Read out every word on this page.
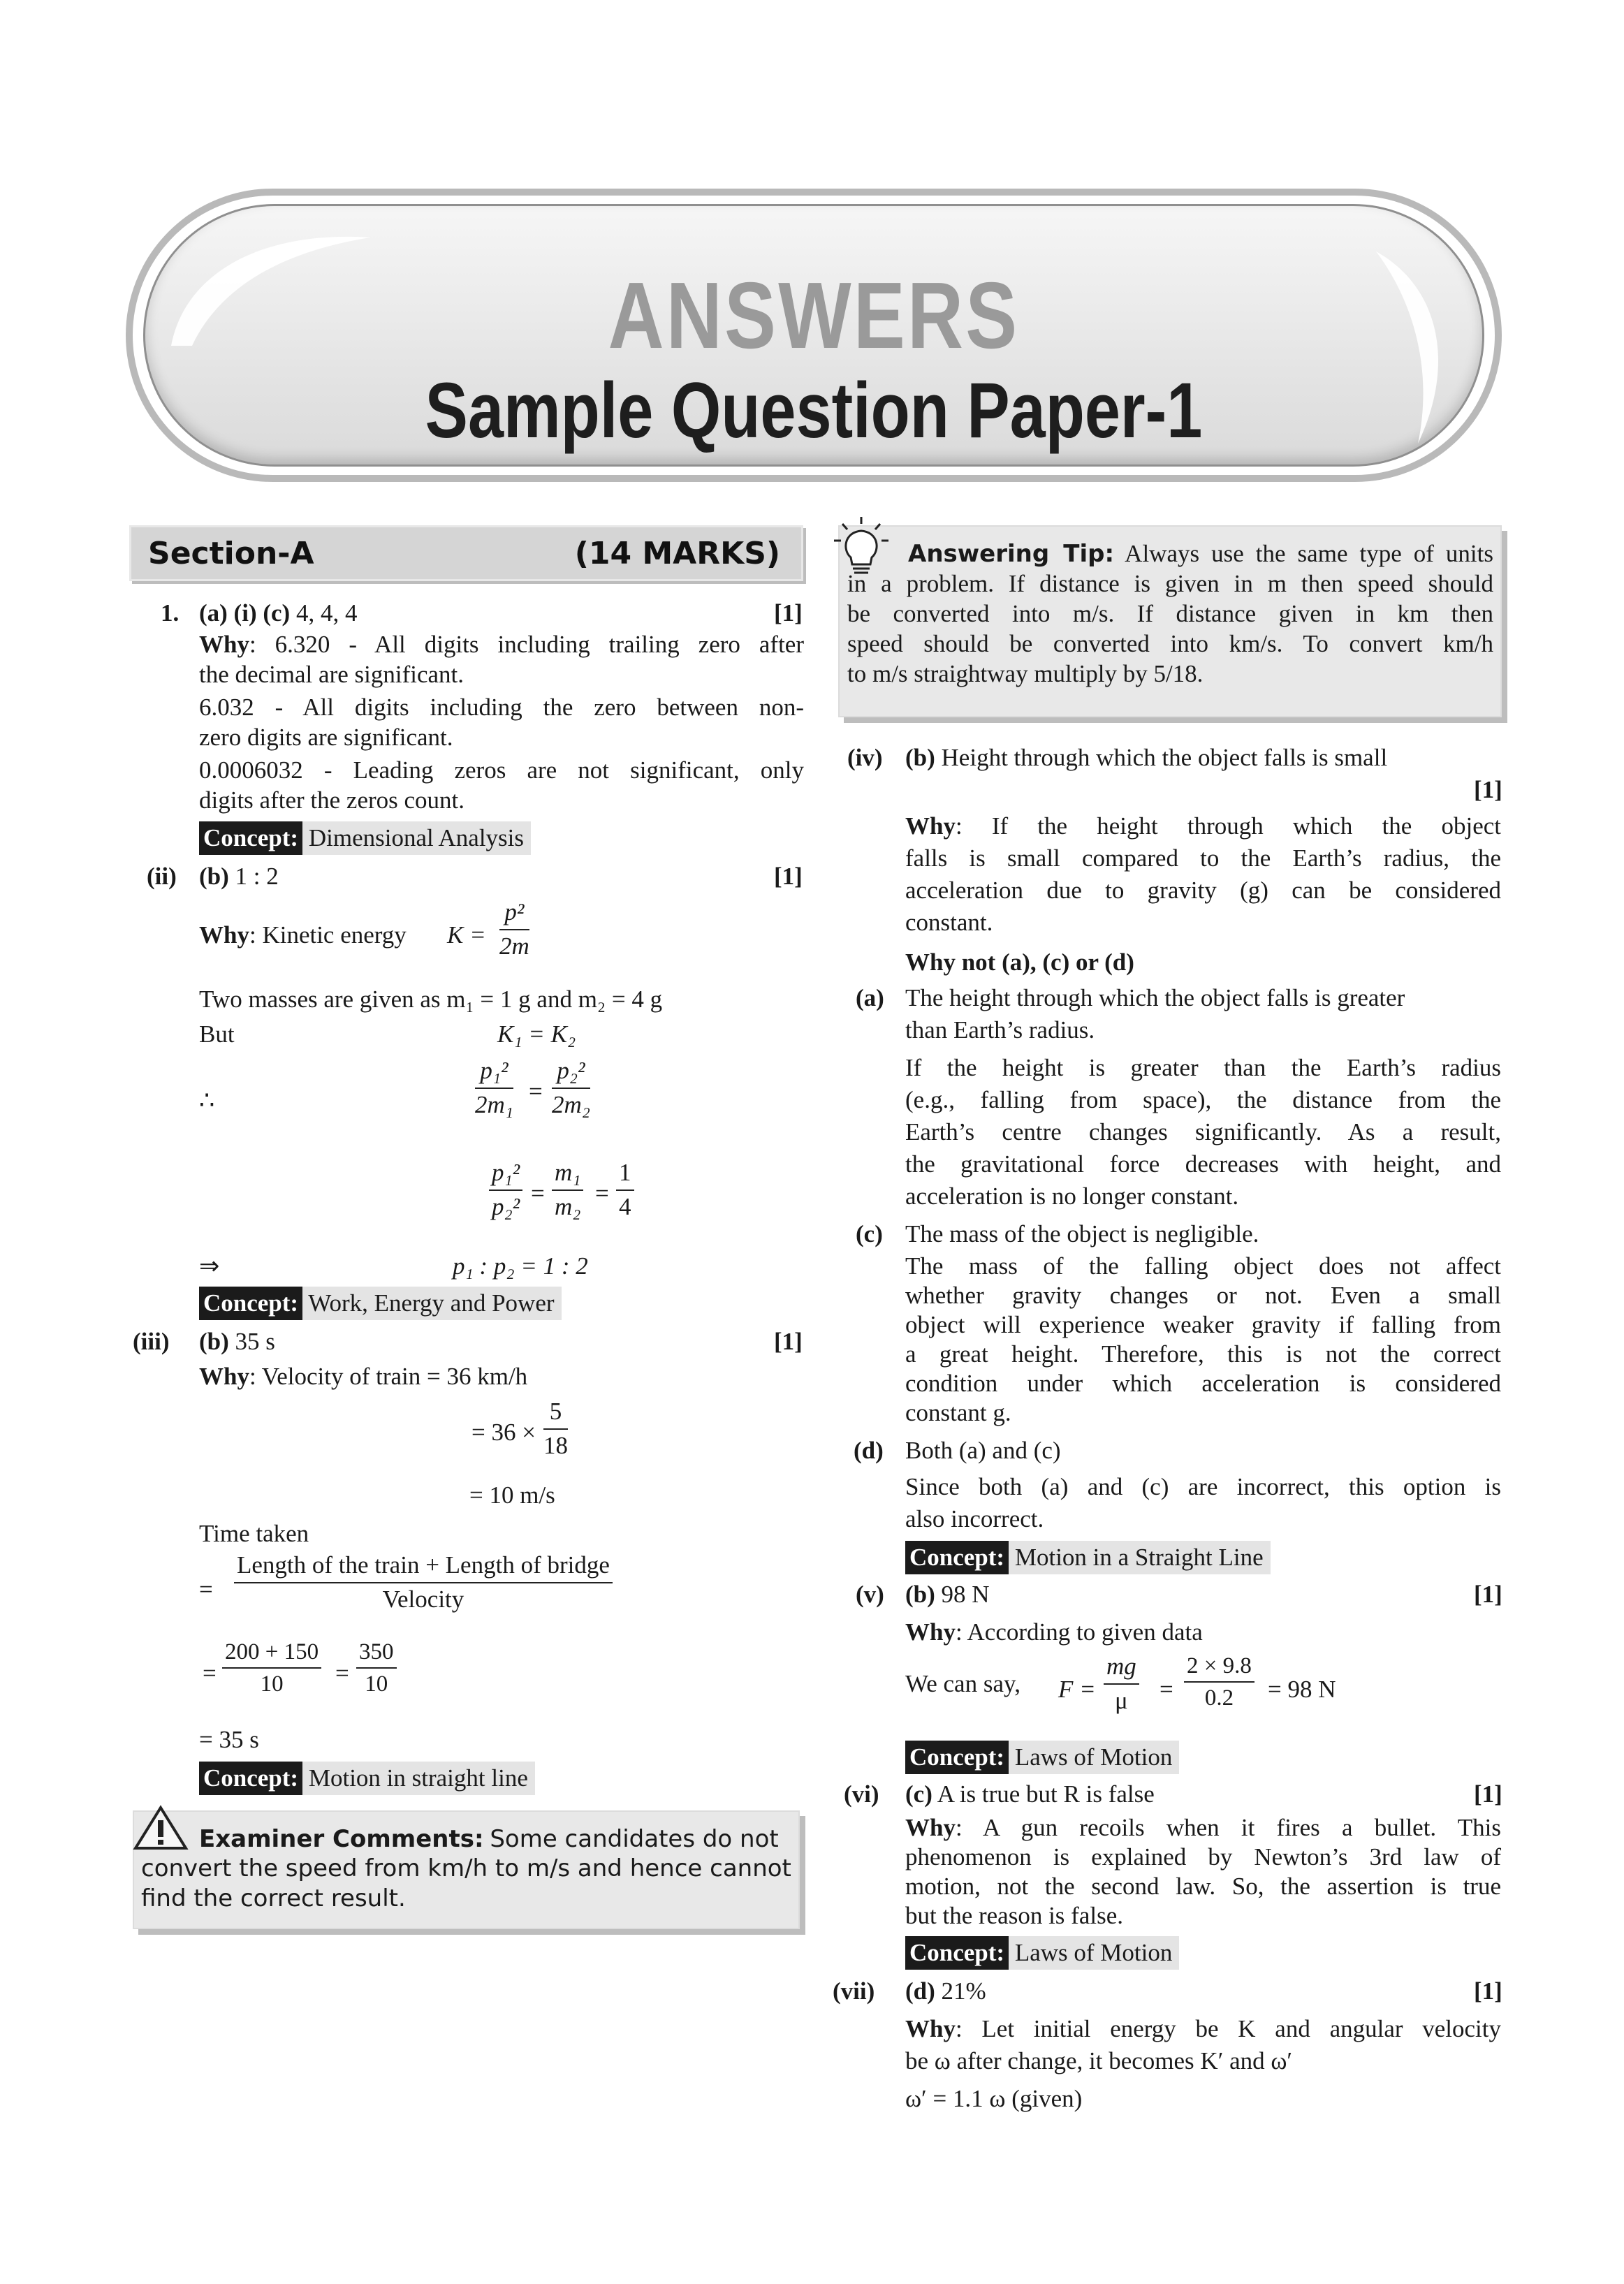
ANSWERS
Sample Question Paper-1
Section-A	(14 MARKS)
1. (a) (i) (c) 4, 4, 4	[1]
Why: 6.320 - All digits including trailing zero after
the decimal are significant.
6.032 - All digits including the zero between non-
zero digits are significant.
0.0006032 - Leading zeros are not significant, only
digits after the zeros count.
Concept: Dimensional Analysis
(ii) (b) 1 : 2	[1]
Why: Kinetic energy $K = \frac{\text{p²}}{2m}$
Two masses are given as m₁ = 1 g and m₂ = 4 g
But	K₁ = K₂
∴	$\frac{\text{p₁²}}{\text{2m₁}} = \frac{\text{p₂²}}{\text{2m₂}}$
$\frac{\text{p₁²}}{\text{p₂²}} = \frac{\text{m₁}}{\text{m₂}} = \frac{1}{4}$
⇒	p₁ : p₂ = 1 : 2
Concept: Work, Energy and Power
(iii) (b) 35 s	[1]
Why: Velocity of train = 36 km/h
= $36 \times \frac{5}{18}$
= 10 m/s
Time taken
=
Length of the train + Length of bridge
Velocity
= $\frac{200 + 150}{10} = \frac{350}{10}$
= 35 s
Concept: Motion in straight line
Examiner Comments: Some candidates do not
convert the speed from km/h to m/s and hence cannot
find the correct result.
Answering Tip: Always use the same type of units
in a problem. If distance is given in m then speed should
be converted into m/s. If distance given in km then
speed should be converted into km/s. To convert km/h
to m/s straightway multiply by 5/18.
(iv) (b) Height through which the object falls is small
[1]
Why: If the height through which the object
falls is small compared to the Earth’s radius, the
acceleration due to gravity (g) can be considered
constant.
Why not (a), (c) or (d)
(a) The height through which the object falls is greater
than Earth’s radius.
If the height is greater than the Earth’s radius
(e.g., falling from space), the distance from the
Earth’s centre changes significantly. As a result,
the gravitational force decreases with height, and
acceleration is no longer constant.
(c) The mass of the object is negligible.
The mass of the falling object does not affect
whether gravity changes or not. Even a small
object will experience weaker gravity if falling from
a great height. Therefore, this is not the correct
condition under which acceleration is considered
constant g.
(d) Both (a) and (c)
Since both (a) and (c) are incorrect, this option is
also incorrect.
Concept: Motion in a Straight Line
(v) (b) 98 N	[1]
Why: According to given data
We can say, $F = \frac{mg}{\mu} = \frac{2 \times 9.8}{0.2} = 98$ N
Concept: Laws of Motion
(vi) (c) A is true but R is false	[1]
Why: A gun recoils when it fires a bullet. This
phenomenon is explained by Newton’s 3rd law of
motion, not the second law. So, the assertion is true
but the reason is false.
Concept: Laws of Motion
(vii) (d) 21%	[1]
Why: Let initial energy be K and angular velocity
be ω after change, it becomes K′ and ω′
ω′ = 1.1 ω (given)
